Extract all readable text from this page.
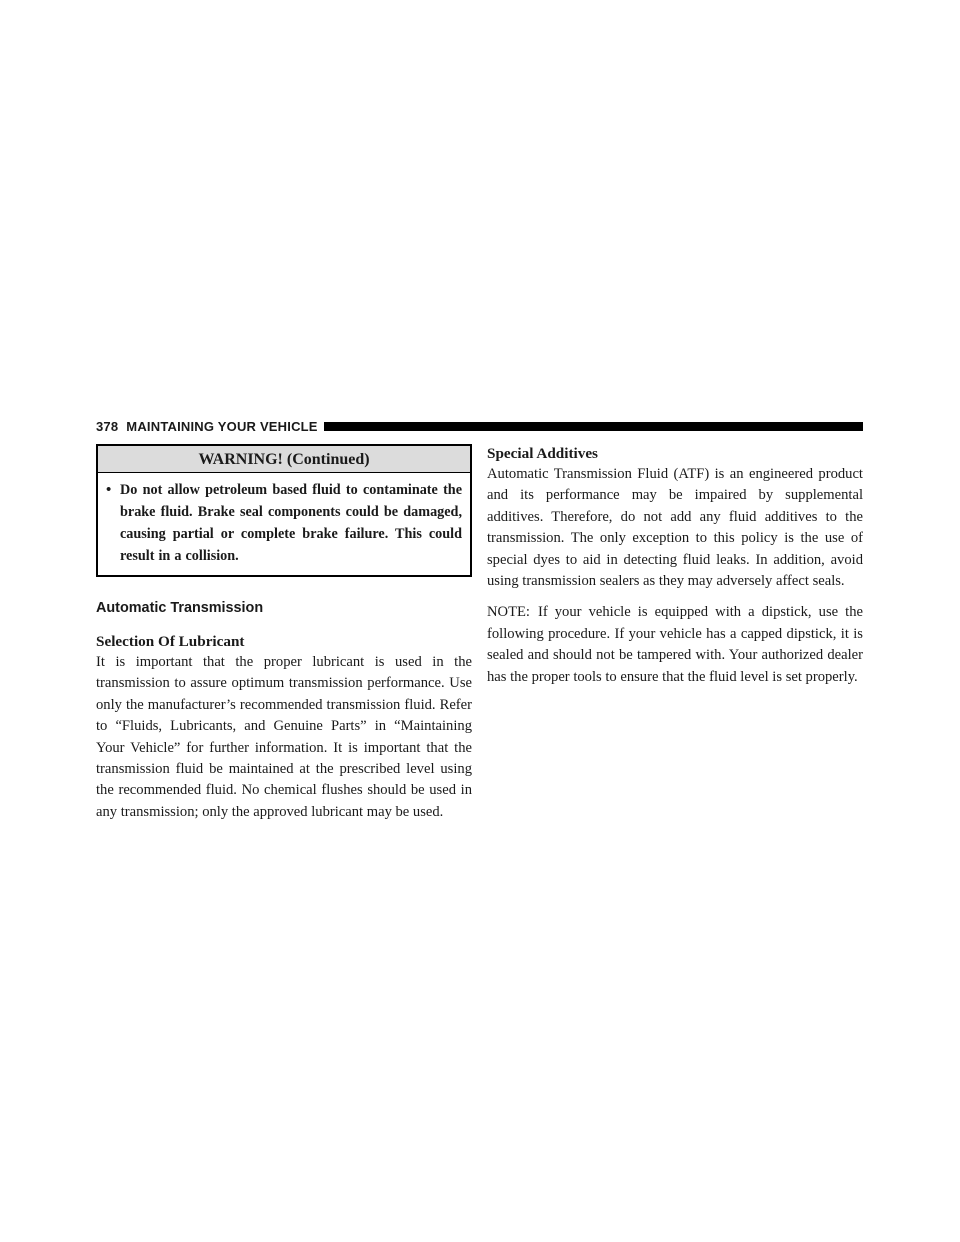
378 MAINTAINING YOUR VEHICLE
WARNING! (Continued)
• Do not allow petroleum based fluid to contaminate the brake fluid. Brake seal components could be damaged, causing partial or complete brake failure. This could result in a collision.

Automatic Transmission
Selection Of Lubricant

It is important that the proper lubricant is used in the transmission to assure optimum transmission performance. Use only the manufacturer’s recommended transmission fluid. Refer to “Fluids, Lubricants, and Genuine Parts” in “Maintaining Your Vehicle” for further information. It is important that the transmission fluid be maintained at the prescribed level using the recommended fluid. No chemical flushes should be used in any transmission; only the approved lubricant may be used.

Special Additives

Automatic Transmission Fluid (ATF) is an engineered product and its performance may be impaired by supplemental additives. Therefore, do not add any fluid additives to the transmission. The only exception to this policy is the use of special dyes to aid in detecting fluid leaks. In addition, avoid using transmission sealers as they may adversely affect seals.

NOTE: If your vehicle is equipped with a dipstick, use the following procedure. If your vehicle has a capped dipstick, it is sealed and should not be tampered with. Your authorized dealer has the proper tools to ensure that the fluid level is set properly.
